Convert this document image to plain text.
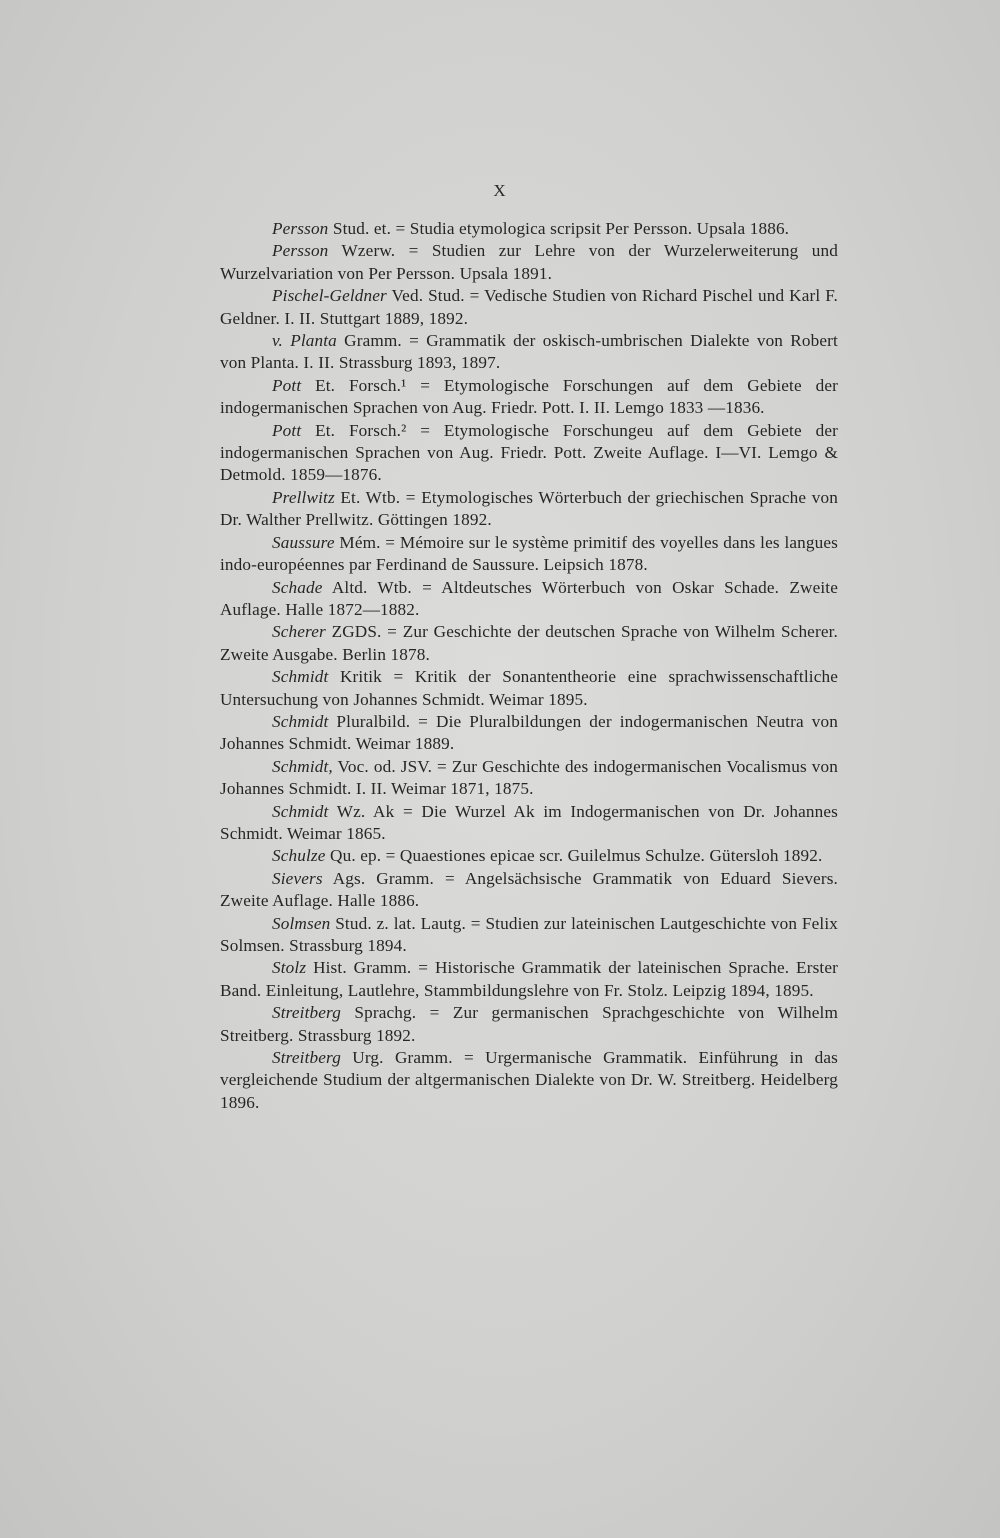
X

Persson Stud. et. = Studia etymologica scripsit Per Persson. Upsala 1886.

Persson Wzerw. = Studien zur Lehre von der Wurzelerweiterung und Wurzelvariation von Per Persson. Upsala 1891.

Pischel-Geldner Ved. Stud. = Vedische Studien von Richard Pischel und Karl F. Geldner. I. II. Stuttgart 1889, 1892.

v. Planta Gramm. = Grammatik der oskisch-umbrischen Dialekte von Robert von Planta. I. II. Strassburg 1893, 1897.

Pott Et. Forsch.¹ = Etymologische Forschungen auf dem Gebiete der indogermanischen Sprachen von Aug. Friedr. Pott. I. II. Lemgo 1833 —1836.

Pott Et. Forsch.² = Etymologische Forschungeu auf dem Gebiete der indogermanischen Sprachen von Aug. Friedr. Pott. Zweite Auflage. I—VI. Lemgo & Detmold. 1859—1876.

Prellwitz Et. Wtb. = Etymologisches Wörterbuch der griechischen Sprache von Dr. Walther Prellwitz. Göttingen 1892.

Saussure Mém. = Mémoire sur le système primitif des voyelles dans les langues indo-européennes par Ferdinand de Saussure. Leipsich 1878.

Schade Altd. Wtb. = Altdeutsches Wörterbuch von Oskar Schade. Zweite Auflage. Halle 1872—1882.

Scherer ZGDS. = Zur Geschichte der deutschen Sprache von Wilhelm Scherer. Zweite Ausgabe. Berlin 1878.

Schmidt Kritik = Kritik der Sonantentheorie eine sprachwissenschaftliche Untersuchung von Johannes Schmidt. Weimar 1895.

Schmidt Pluralbild. = Die Pluralbildungen der indogermanischen Neutra von Johannes Schmidt. Weimar 1889.

Schmidt, Voc. od. JSV. = Zur Geschichte des indogermanischen Vocalismus von Johannes Schmidt. I. II. Weimar 1871, 1875.

Schmidt Wz. Ak = Die Wurzel Ak im Indogermanischen von Dr. Johannes Schmidt. Weimar 1865.

Schulze Qu. ep. = Quaestiones epicae scr. Guilelmus Schulze. Gütersloh 1892.

Sievers Ags. Gramm. = Angelsächsische Grammatik von Eduard Sievers. Zweite Auflage. Halle 1886.

Solmsen Stud. z. lat. Lautg. = Studien zur lateinischen Lautgeschichte von Felix Solmsen. Strassburg 1894.

Stolz Hist. Gramm. = Historische Grammatik der lateinischen Sprache. Erster Band. Einleitung, Lautlehre, Stammbildungslehre von Fr. Stolz. Leipzig 1894, 1895.

Streitberg Sprachg. = Zur germanischen Sprachgeschichte von Wilhelm Streitberg. Strassburg 1892.

Streitberg Urg. Gramm. = Urgermanische Grammatik. Einführung in das vergleichende Studium der altgermanischen Dialekte von Dr. W. Streitberg. Heidelberg 1896.
